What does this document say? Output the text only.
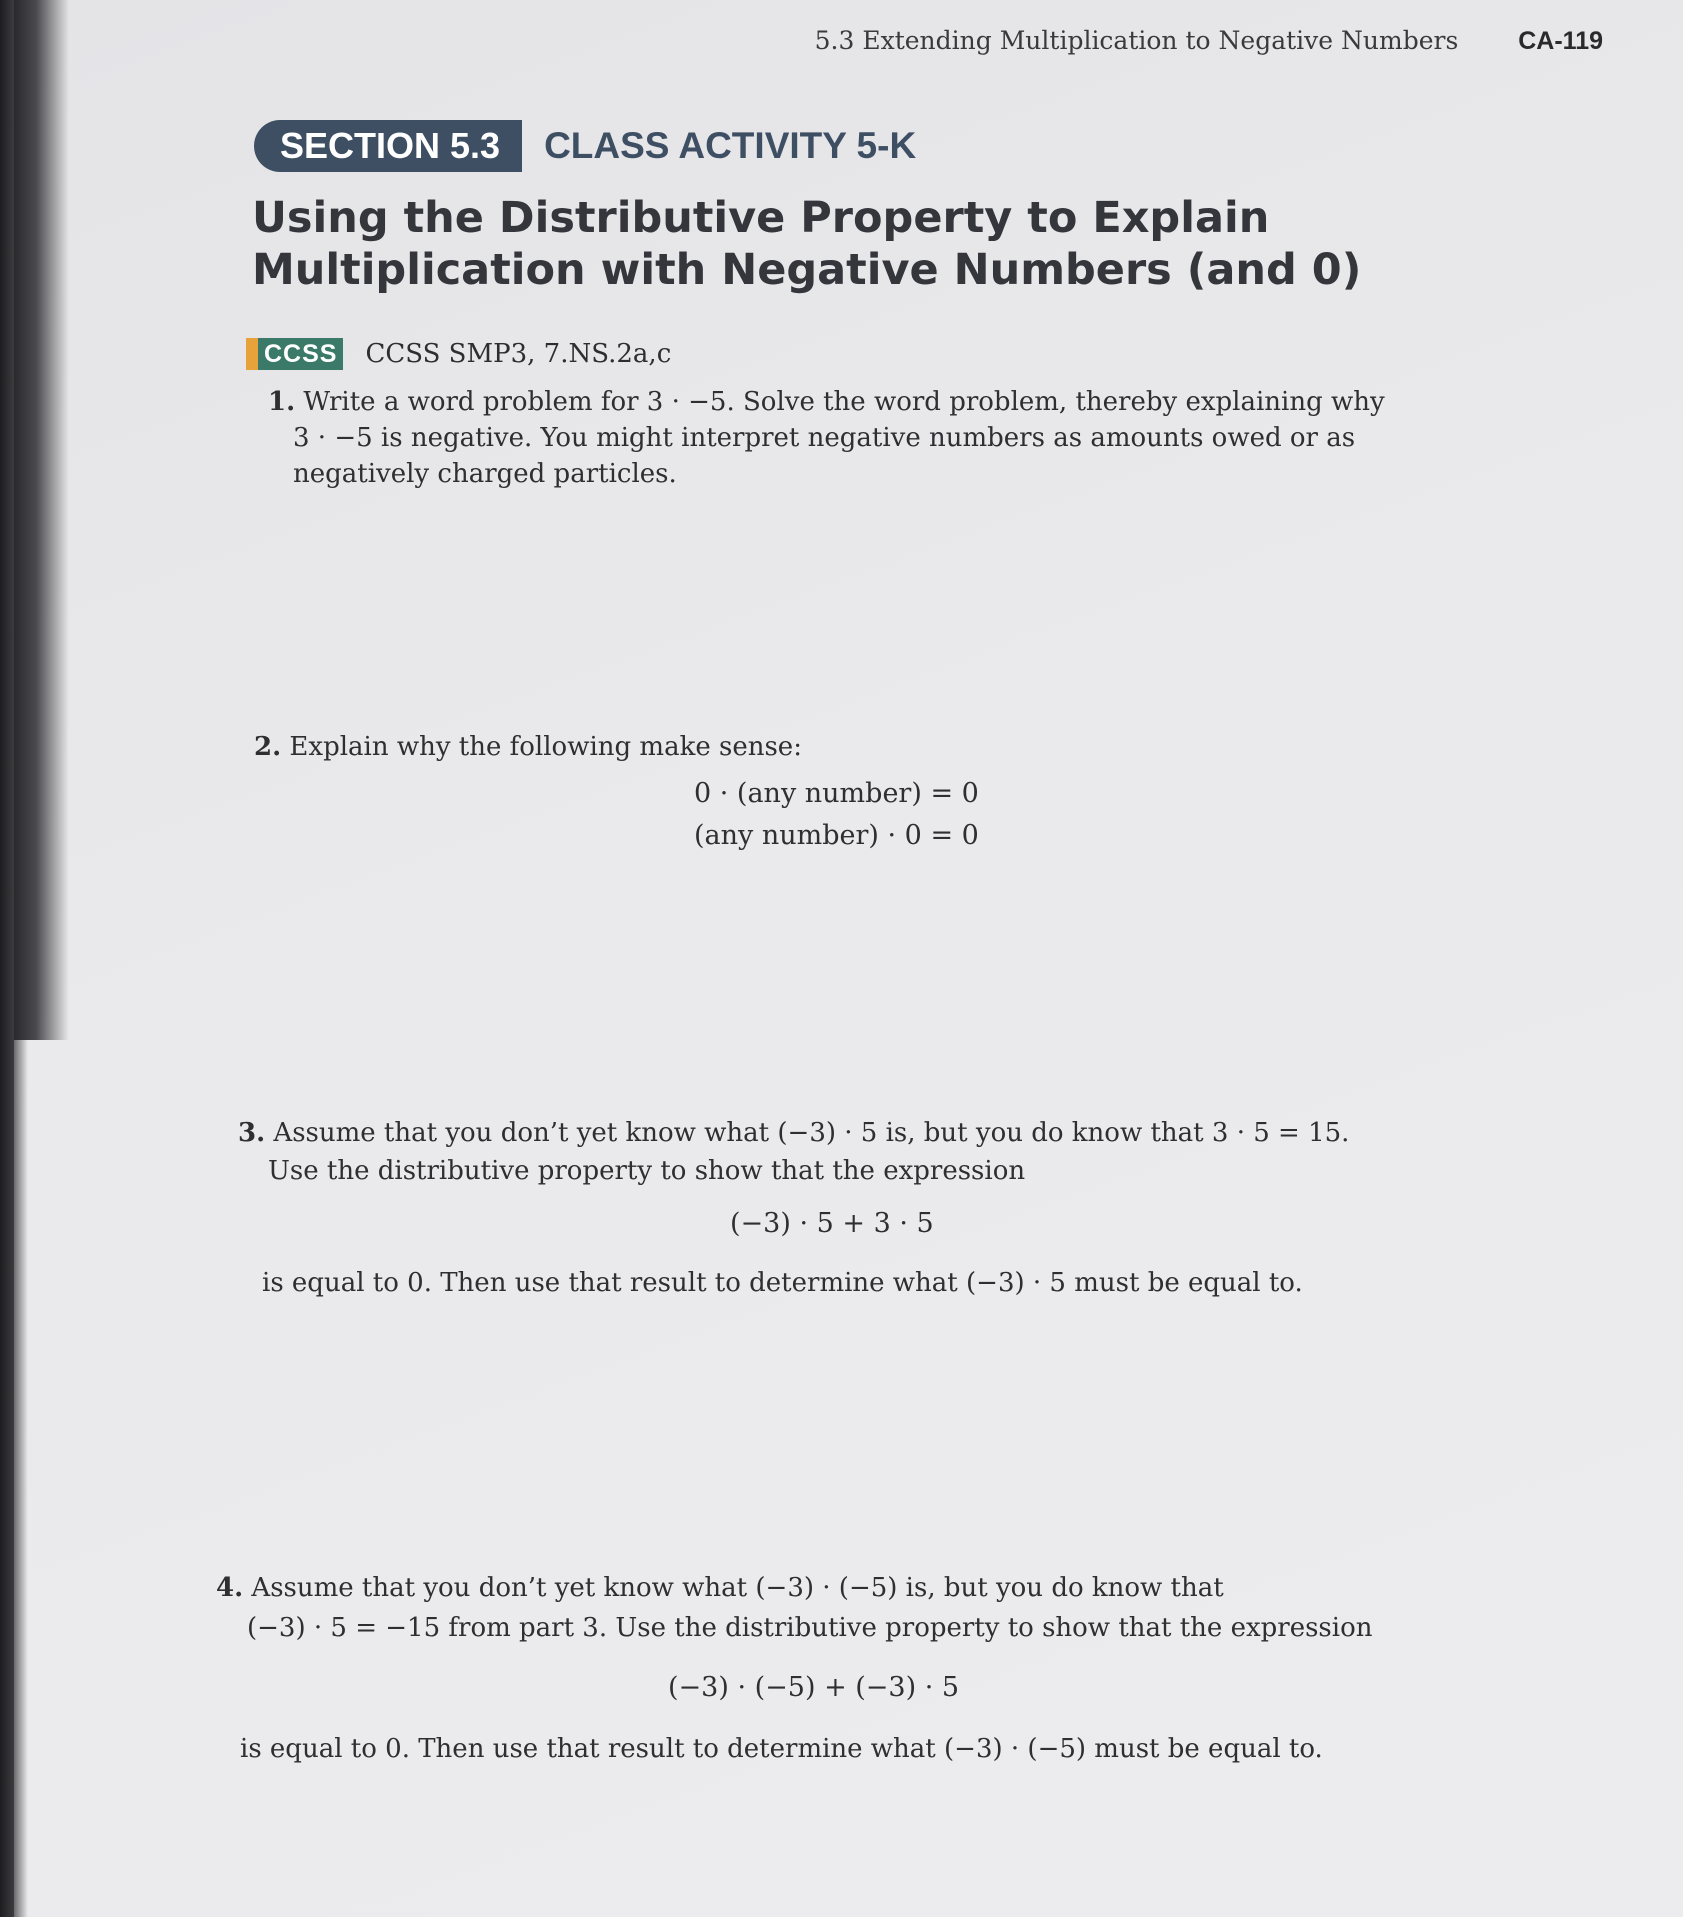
5.3 Extending Multiplication to Negative Numbers CA-119
SECTION 5.3	CLASS ACTIVITY 5-K
Using the Distributive Property to Explain Multiplication with Negative Numbers (and 0)
CCSS CCSS SMP3, 7.NS.2a,c
1. Write a word problem for 3 · −5. Solve the word problem, thereby explaining why
3 · −5 is negative. You might interpret negative numbers as amounts owed or as
negatively charged particles.
2. Explain why the following make sense:
0 · (any number) = 0
(any number) · 0 = 0
3. Assume that you don’t yet know what (−3) · 5 is, but you do know that 3 · 5 = 15.
Use the distributive property to show that the expression
(−3) · 5 + 3 · 5
is equal to 0. Then use that result to determine what (−3) · 5 must be equal to.
4. Assume that you don’t yet know what (−3) · (−5) is, but you do know that
(−3) · 5 = −15 from part 3. Use the distributive property to show that the expression
(−3) · (−5) + (−3) · 5
is equal to 0. Then use that result to determine what (−3) · (−5) must be equal to.
